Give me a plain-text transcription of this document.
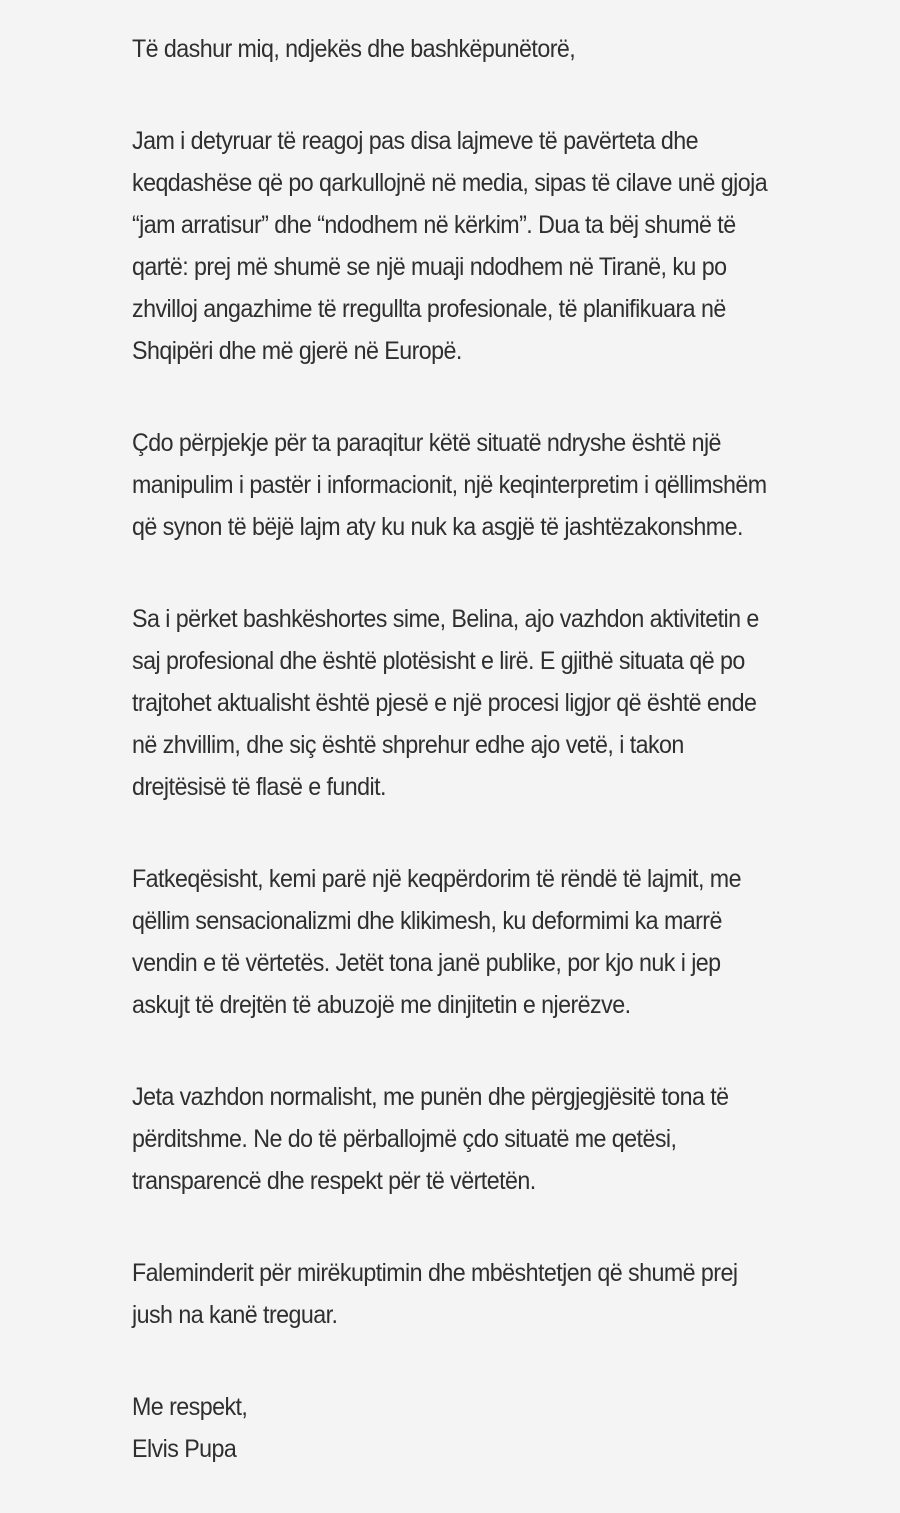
Të dashur miq, ndjekës dhe bashkëpunëtorë,

Jam i detyruar të reagoj pas disa lajmeve të pavërteta dhe keqdashëse që po qarkullojnë në media, sipas të cilave unë gjoja “jam arratisur” dhe “ndodhem në kërkim”. Dua ta bëj shumë të qartë: prej më shumë se një muaji ndodhem në Tiranë, ku po zhvilloj angazhime të rregullta profesionale, të planifikuara në Shqipëri dhe më gjerë në Europë.

Çdo përpjekje për ta paraqitur këtë situatë ndryshe është një manipulim i pastër i informacionit, një keqinterpretim i qëllimshëm që synon të bëjë lajm aty ku nuk ka asgjë të jashtëzakonshme.

Sa i përket bashkëshortes sime, Belina, ajo vazhdon aktivitetin e saj profesional dhe është plotësisht e lirë. E gjithë situata që po trajtohet aktualisht është pjesë e një procesi ligjor që është ende në zhvillim, dhe siç është shprehur edhe ajo vetë, i takon drejtësisë të flasë e fundit.

Fatkeqësisht, kemi parë një keqpërdorim të rëndë të lajmit, me qëllim sensacionalizmi dhe klikimesh, ku deformimi ka marrë vendin e të vërtetës. Jetët tona janë publike, por kjo nuk i jep askujt të drejtën të abuzojë me dinjitetin e njerëzve.

Jeta vazhdon normalisht, me punën dhe përgjegjësitë tona të përditshme. Ne do të përballojmë çdo situatë me qetësi, transparencë dhe respekt për të vërtetën.

Faleminderit për mirëkuptimin dhe mbështetjen që shumë prej jush na kanë treguar.

Me respekt,

Elvis Pupa
